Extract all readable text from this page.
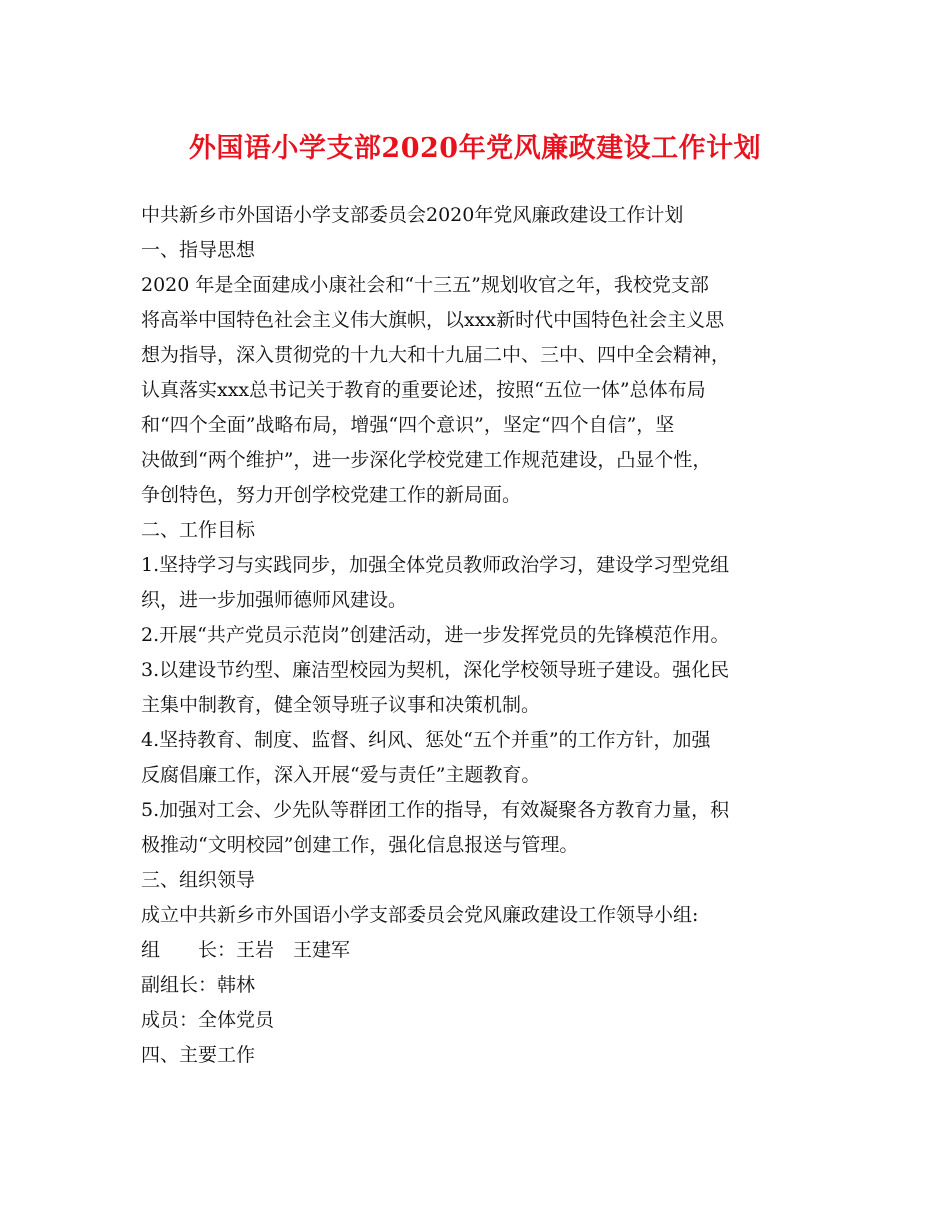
外国语小学支部2020年党风廉政建设工作计划
中共新乡市外国语小学支部委员会2020年党风廉政建设工作计划
一、指导思想
2020 年是全面建成小康社会和“十三五”规划收官之年，我校党支部
将高举中国特色社会主义伟大旗帜，以xxx新时代中国特色社会主义思
想为指导，深入贯彻党的十九大和十九届二中、三中、四中全会精神，
认真落实xxx总书记关于教育的重要论述，按照“五位一体”总体布局
和“四个全面”战略布局，增强“四个意识”，坚定“四个自信”，坚
决做到“两个维护”，进一步深化学校党建工作规范建设，凸显个性，
争创特色，努力开创学校党建工作的新局面。
二、工作目标
1.坚持学习与实践同步，加强全体党员教师政治学习，建设学习型党组
织，进一步加强师德师风建设。
2.开展“共产党员示范岗”创建活动，进一步发挥党员的先锋模范作用。
3.以建设节约型、廉洁型校园为契机，深化学校领导班子建设。强化民
主集中制教育，健全领导班子议事和决策机制。
4.坚持教育、制度、监督、纠风、惩处“五个并重”的工作方针，加强
反腐倡廉工作，深入开展“爱与责任”主题教育。
5.加强对工会、少先队等群团工作的指导，有效凝聚各方教育力量，积
极推动“文明校园”创建工作，强化信息报送与管理。
三、组织领导
成立中共新乡市外国语小学支部委员会党风廉政建设工作领导小组:
组　　长：王岩　王建军
副组长：韩林
成员：全体党员
四、主要工作
